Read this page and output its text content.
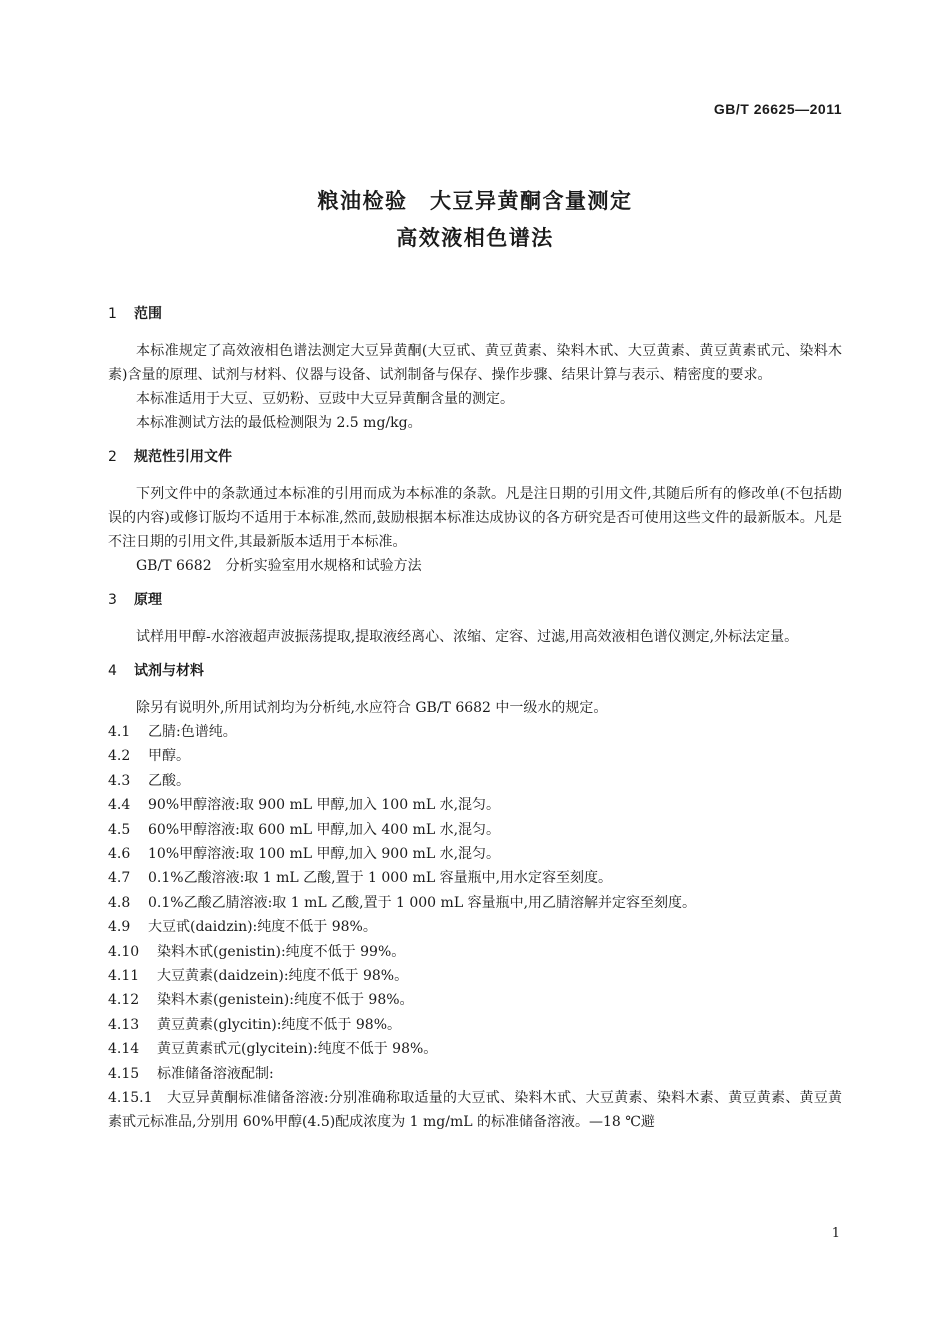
GB/T 26625—2011
粮油检验　大豆异黄酮含量测定
高效液相色谱法
1 范围

本标准规定了高效液相色谱法测定大豆异黄酮(大豆甙、黄豆黄素、染料木甙、大豆黄素、黄豆黄素甙元、染料木素)含量的原理、试剂与材料、仪器与设备、试剂制备与保存、操作步骤、结果计算与表示、精密度的要求。

本标准适用于大豆、豆奶粉、豆豉中大豆异黄酮含量的测定。

本标准测试方法的最低检测限为 2.5 mg/kg。

2 规范性引用文件

下列文件中的条款通过本标准的引用而成为本标准的条款。凡是注日期的引用文件,其随后所有的修改单(不包括勘误的内容)或修订版均不适用于本标准,然而,鼓励根据本标准达成协议的各方研究是否可使用这些文件的最新版本。凡是不注日期的引用文件,其最新版本适用于本标准。

GB/T 6682　分析实验室用水规格和试验方法

3 原理

试样用甲醇-水溶液超声波振荡提取,提取液经离心、浓缩、定容、过滤,用高效液相色谱仪测定,外标法定量。

4 试剂与材料

除另有说明外,所用试剂均为分析纯,水应符合 GB/T 6682 中一级水的规定。

4.1 乙腈:色谱纯。

4.2 甲醇。

4.3 乙酸。

4.4 90%甲醇溶液:取 900 mL 甲醇,加入 100 mL 水,混匀。

4.5 60%甲醇溶液:取 600 mL 甲醇,加入 400 mL 水,混匀。

4.6 10%甲醇溶液:取 100 mL 甲醇,加入 900 mL 水,混匀。

4.7 0.1%乙酸溶液:取 1 mL 乙酸,置于 1 000 mL 容量瓶中,用水定容至刻度。

4.8 0.1%乙酸乙腈溶液:取 1 mL 乙酸,置于 1 000 mL 容量瓶中,用乙腈溶解并定容至刻度。

4.9 大豆甙(daidzin):纯度不低于 98%。

4.10 染料木甙(genistin):纯度不低于 99%。

4.11 大豆黄素(daidzein):纯度不低于 98%。

4.12 染料木素(genistein):纯度不低于 98%。

4.13 黄豆黄素(glycitin):纯度不低于 98%。

4.14 黄豆黄素甙元(glycitein):纯度不低于 98%。

4.15 标准储备溶液配制:

4.15.1　 大豆异黄酮标准储备溶液:分别准确称取适量的大豆甙、染料木甙、大豆黄素、染料木素、黄豆黄素、黄豆黄素甙元标准品,分别用 60%甲醇(4.5)配成浓度为 1 mg/mL 的标准储备溶液。—18 ℃避

1
